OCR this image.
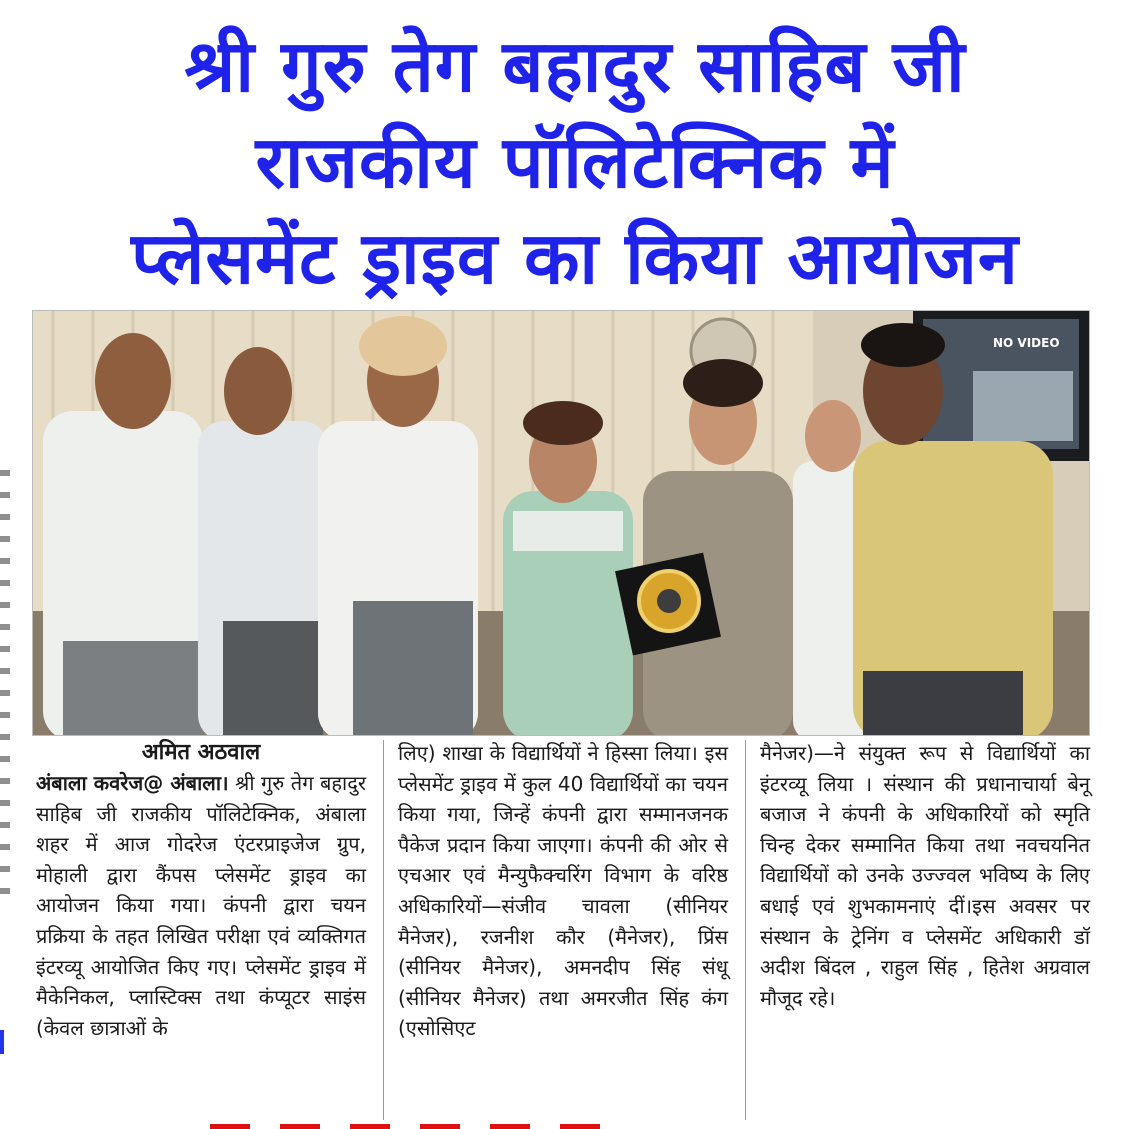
श्री गुरु तेग बहादुर साहिब जी
राजकीय पॉलिटेक्निक में
प्लेसमेंट ड्राइव का किया आयोजन
NO VIDEO
अमित अठवाल

अंबाला कवरेज@ अंबाला। श्री गुरु तेग बहादुर साहिब जी राजकीय पॉलिटेक्निक, अंबाला शहर में आज गोदरेज एंटरप्राइजेज ग्रुप, मोहाली द्वारा कैंपस प्लेसमेंट ड्राइव का आयोजन किया गया। कंपनी द्वारा चयन प्रक्रिया के तहत लिखित परीक्षा एवं व्यक्तिगत इंटरव्यू आयोजित किए गए। प्लेसमेंट ड्राइव में मैकेनिकल, प्लास्टिक्स तथा कंप्यूटर साइंस (केवल छात्राओं के

लिए) शाखा के विद्यार्थियों ने हिस्सा लिया। इस प्लेसमेंट ड्राइव में कुल 40 विद्यार्थियों का चयन किया गया, जिन्हें कंपनी द्वारा सम्मानजनक पैकेज प्रदान किया जाएगा। कंपनी की ओर से एचआर एवं मैन्युफैक्चरिंग विभाग के वरिष्ठ अधिकारियों—संजीव चावला (सीनियर मैनेजर), रजनीश कौर (मैनेजर), प्रिंस (सीनियर मैनेजर), अमनदीप सिंह संधू (सीनियर मैनेजर) तथा अमरजीत सिंह कंग (एसोसिएट

मैनेजर)—ने संयुक्त रूप से विद्यार्थियों का इंटरव्यू लिया । संस्थान की प्रधानाचार्या बेनू बजाज ने कंपनी के अधिकारियों को स्मृति चिन्ह देकर सम्मानित किया तथा नवचयनित विद्यार्थियों को उनके उज्ज्वल भविष्य के लिए बधाई एवं शुभकामनाएं दीं।इस अवसर पर संस्थान के ट्रेनिंग व प्लेसमेंट अधिकारी डॉ अदीश बिंदल , राहुल सिंह , हितेश अग्रवाल मौजूद रहे।
